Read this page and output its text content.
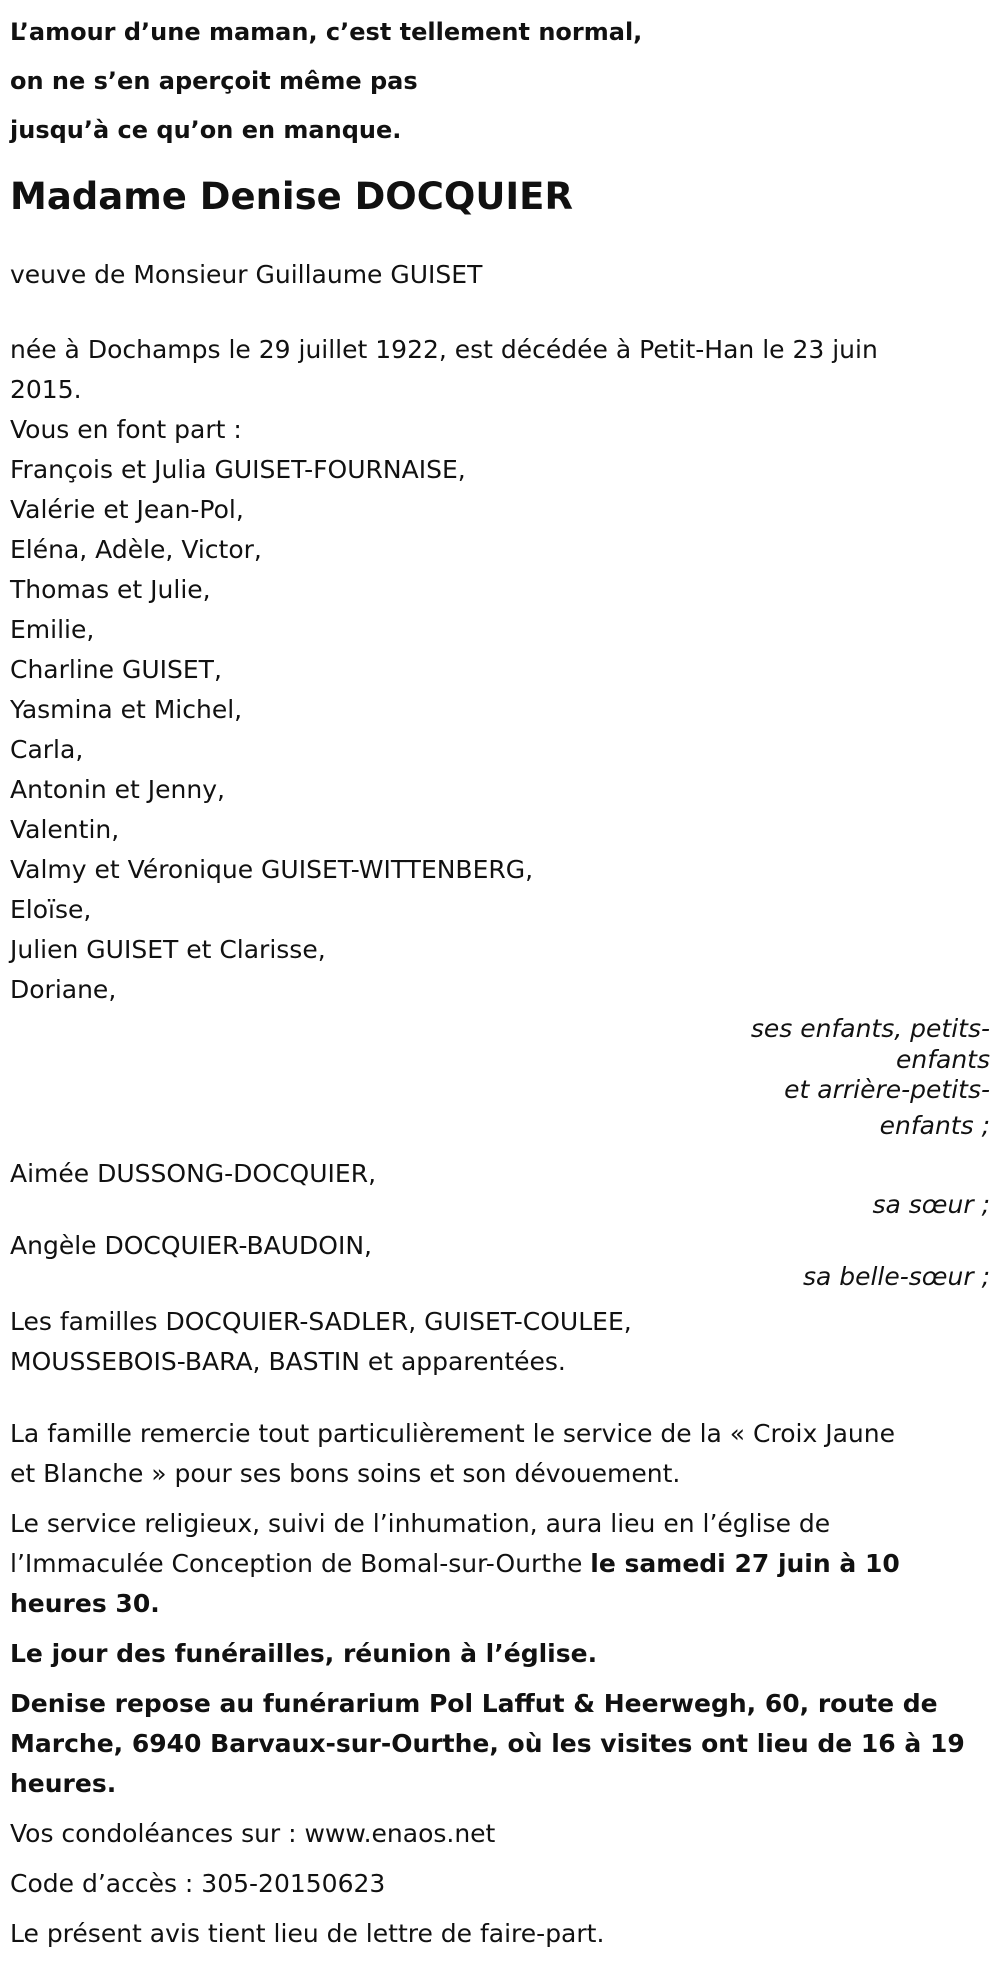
L’amour d’une maman, c’est tellement normal,

on ne s’en aperçoit même pas

jusqu’à ce qu’on en manque.

Madame Denise DOCQUIER

veuve de Monsieur Guillaume GUISET

née à Dochamps le 29 juillet 1922, est décédée à Petit-Han le 23 juin

2015.

Vous en font part :

François et Julia GUISET-FOURNAISE,

Valérie et Jean-Pol,

Eléna, Adèle, Victor,

Thomas et Julie,

Emilie,

Charline GUISET,

Yasmina et Michel,

Carla,

Antonin et Jenny,

Valentin,

Valmy et Véronique GUISET-WITTENBERG,

Eloïse,

Julien GUISET et Clarisse,

Doriane,

ses enfants, petits-

enfants

et arrière-petits-

enfants ;

Aimée DUSSONG-DOCQUIER,

sa sœur ;

Angèle DOCQUIER-BAUDOIN,

sa belle-sœur ;

Les familles DOCQUIER-SADLER, GUISET-COULEE,

MOUSSEBOIS-BARA, BASTIN et apparentées.

La famille remercie tout particulièrement le service de la « Croix Jaune

et Blanche » pour ses bons soins et son dévouement.

Le service religieux, suivi de l’inhumation, aura lieu en l’église de

l’Immaculée Conception de Bomal-sur-Ourthe le samedi 27 juin à 10

heures 30.

Le jour des funérailles, réunion à l’église.

Denise repose au funérarium Pol Laffut & Heerwegh, 60, route de

Marche, 6940 Barvaux-sur-Ourthe, où les visites ont lieu de 16 à 19

heures.

Vos condoléances sur : www.enaos.net

Code d’accès : 305-20150623

Le présent avis tient lieu de lettre de faire-part.
